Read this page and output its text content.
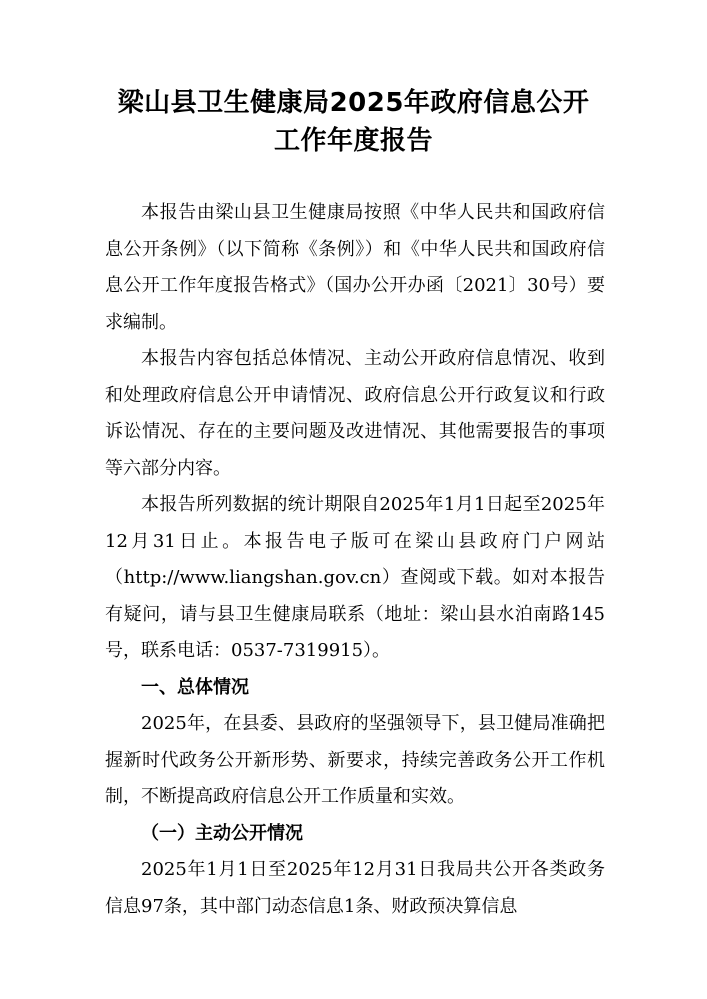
梁山县卫生健康局2025年政府信息公开
工作年度报告

本报告由梁山县卫生健康局按照《中华人民共和国政府信息公开条例》（以下简称《条例》）和《中华人民共和国政府信息公开工作年度报告格式》（国办公开办函〔2021〕30号）要求编制。

本报告内容包括总体情况、主动公开政府信息情况、收到和处理政府信息公开申请情况、政府信息公开行政复议和行政诉讼情况、存在的主要问题及改进情况、其他需要报告的事项等六部分内容。

本报告所列数据的统计期限自2025年1月1日起至2025年12月31日止。本报告电子版可在梁山县政府门户网站（http://www.liangshan.gov.cn）查阅或下载。如对本报告有疑问，请与县卫生健康局联系（地址：梁山县水泊南路145号，联系电话：0537-7319915）。

一、总体情况

2025年，在县委、县政府的坚强领导下，县卫健局准确把握新时代政务公开新形势、新要求，持续完善政务公开工作机制，不断提高政府信息公开工作质量和实效。

（一）主动公开情况

2025年1月1日至2025年12月31日我局共公开各类政务信息97条，其中部门动态信息1条、财政预决算信息
